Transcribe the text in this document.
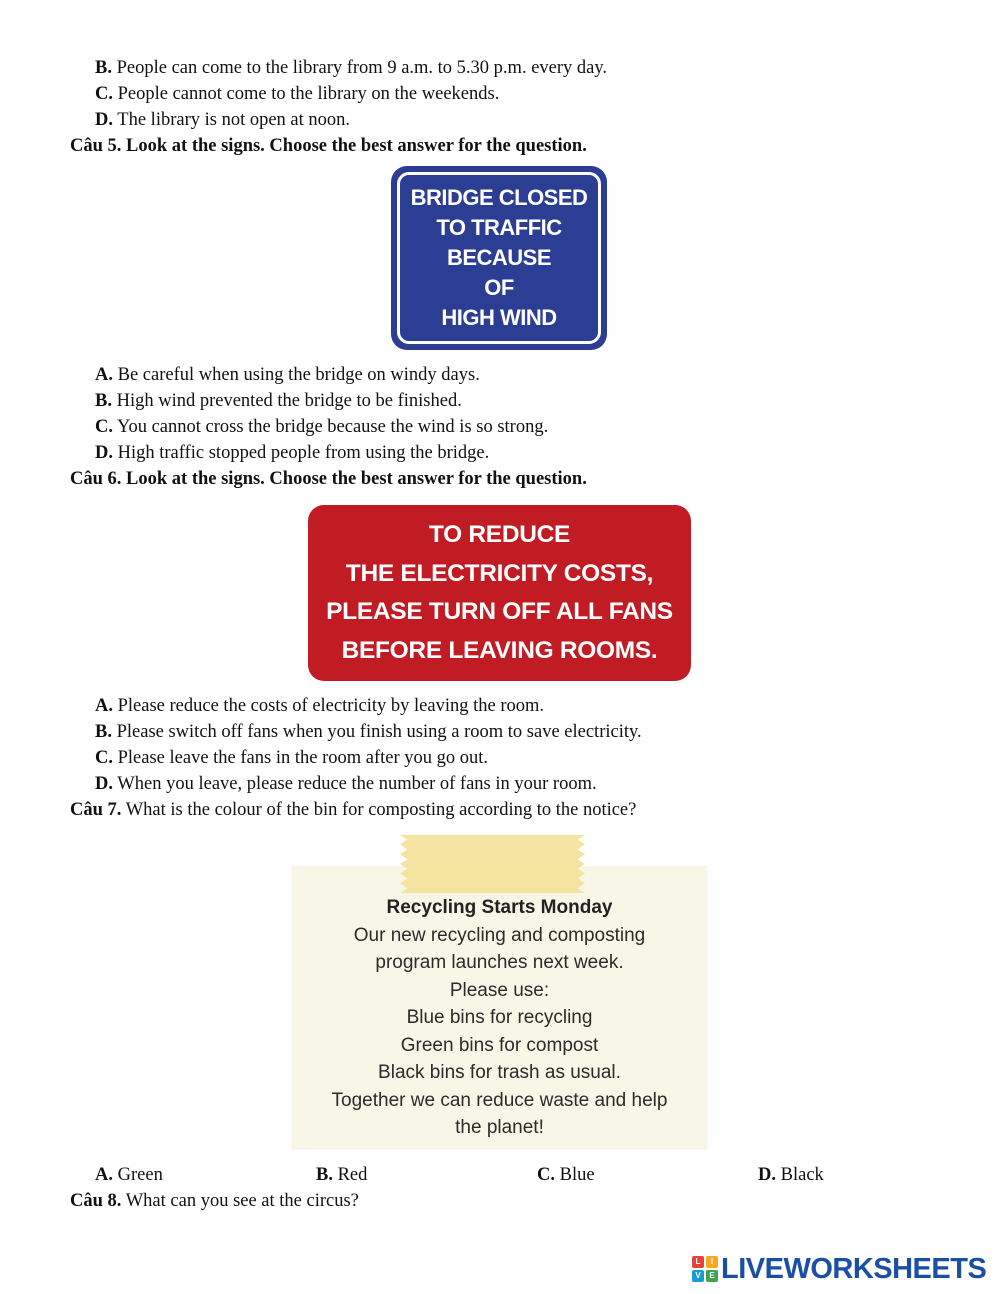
B. People can come to the library from 9 a.m. to 5.30 p.m. every day.
C. People cannot come to the library on the weekends.
D. The library is not open at noon.
Câu 5. Look at the signs. Choose the best answer for the question.
BRIDGE CLOSED
TO TRAFFIC
BECAUSE
OF
HIGH WIND
A. Be careful when using the bridge on windy days.
B. High wind prevented the bridge to be finished.
C. You cannot cross the bridge because the wind is so strong.
D. High traffic stopped people from using the bridge.
Câu 6. Look at the signs. Choose the best answer for the question.
TO REDUCE
THE ELECTRICITY COSTS,
PLEASE TURN OFF ALL FANS
BEFORE LEAVING ROOMS.
A. Please reduce the costs of electricity by leaving the room.
B. Please switch off fans when you finish using a room to save electricity.
C. Please leave the fans in the room after you go out.
D. When you leave, please reduce the number of fans in your room.
Câu 7. What is the colour of the bin for composting according to the notice?
Recycling Starts Monday
Our new recycling and composting
program launches next week.
Please use:
Blue bins for recycling
Green bins for compost
Black bins for trash as usual.
Together we can reduce waste and help
the planet!
A. Green	B. Red	C. Blue	D. Black
Câu 8. What can you see at the circus?
L	I
V	E LIVEWORKSHEETS
